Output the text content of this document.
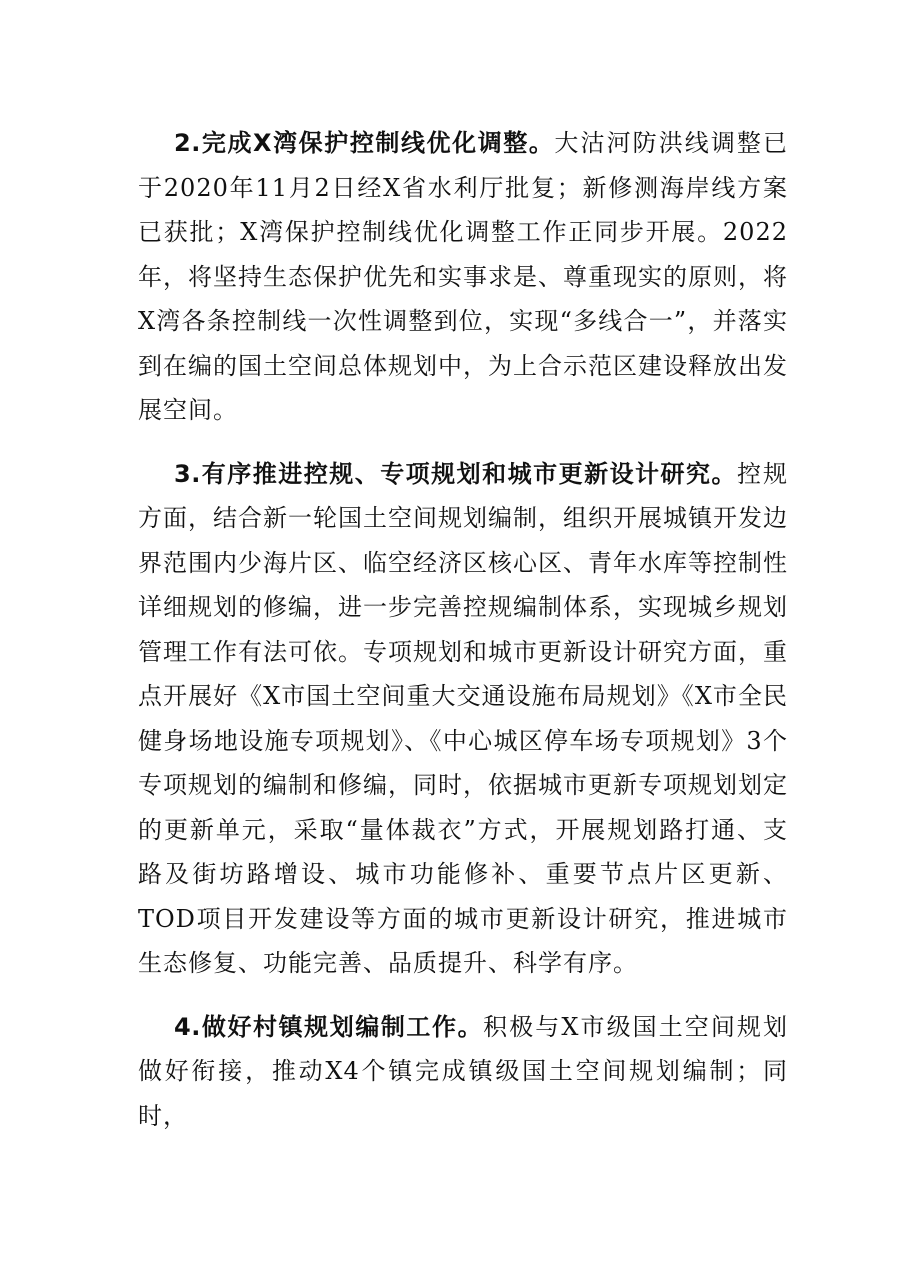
2.完成X湾保护控制线优化调整。大沽河防洪线调整已于2020年11月2日经X省水利厅批复；新修测海岸线方案已获批；X湾保护控制线优化调整工作正同步开展。2022年，将坚持生态保护优先和实事求是、尊重现实的原则，将X湾各条控制线一次性调整到位，实现“多线合一”，并落实到在编的国土空间总体规划中，为上合示范区建设释放出发展空间。

3.有序推进控规、专项规划和城市更新设计研究。控规方面，结合新一轮国土空间规划编制，组织开展城镇开发边界范围内少海片区、临空经济区核心区、青年水库等控制性详细规划的修编，进一步完善控规编制体系，实现城乡规划管理工作有法可依。专项规划和城市更新设计研究方面，重点开展好《X市国土空间重大交通设施布局规划》《X市全民健身场地设施专项规划》、《中心城区停车场专项规划》3个专项规划的编制和修编，同时，依据城市更新专项规划划定的更新单元，采取“量体裁衣”方式，开展规划路打通、支路及街坊路增设、城市功能修补、重要节点片区更新、TOD项目开发建设等方面的城市更新设计研究，推进城市生态修复、功能完善、品质提升、科学有序。

4.做好村镇规划编制工作。积极与X市级国土空间规划做好衔接，推动X4个镇完成镇级国土空间规划编制；同时，
